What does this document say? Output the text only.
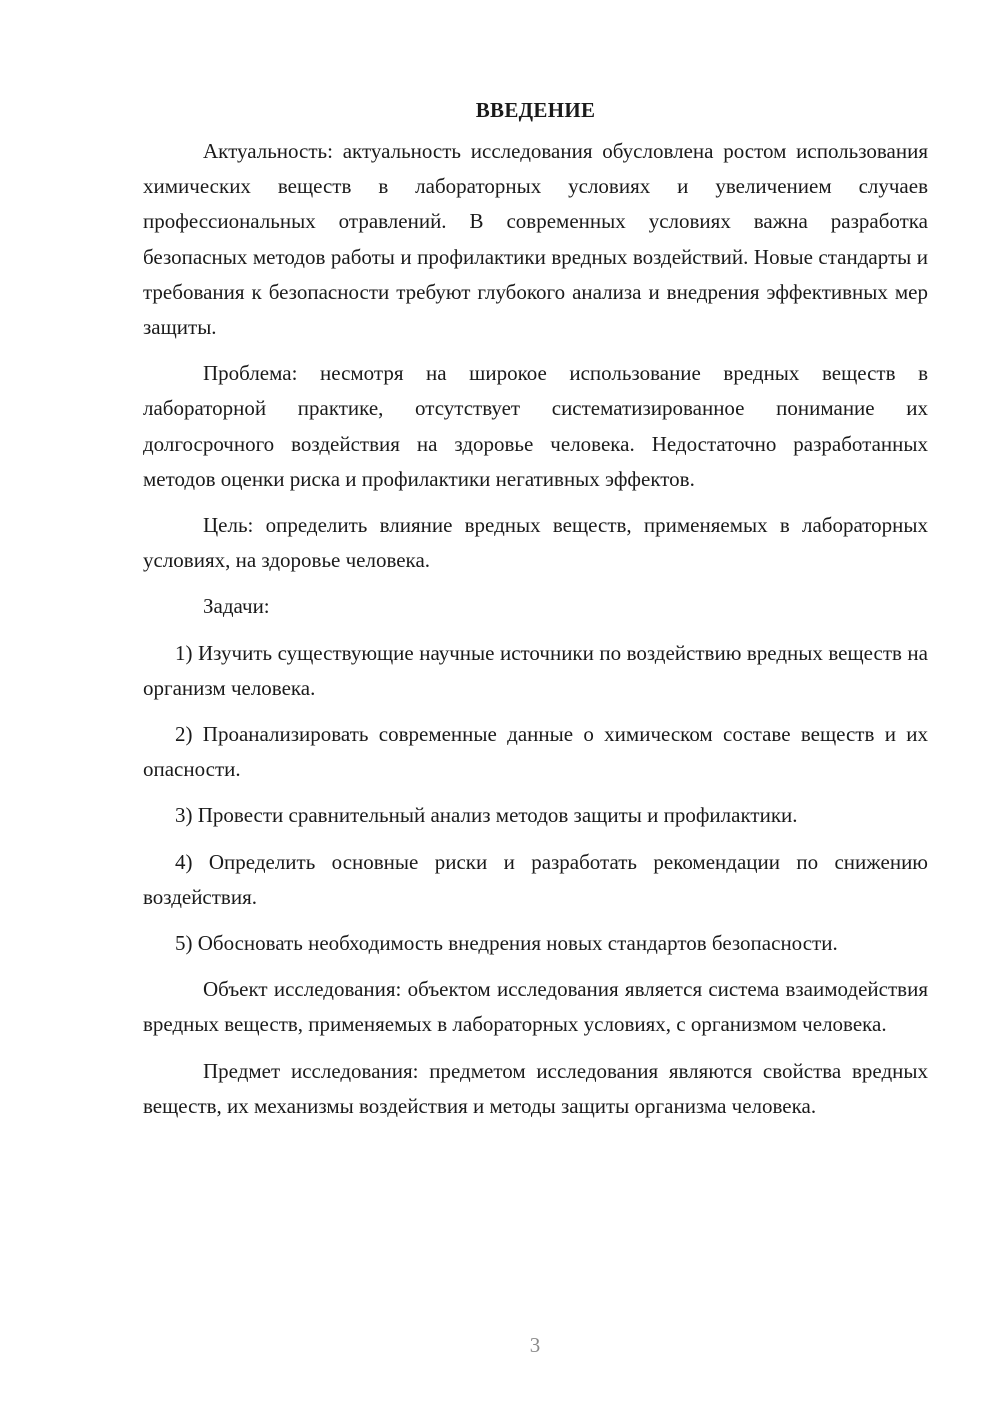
ВВЕДЕНИЕ

Актуальность: актуальность исследования обусловлена ростом использования химических веществ в лабораторных условиях и увеличением случаев профессиональных отравлений. В современных условиях важна разработка безопасных методов работы и профилактики вредных воздействий. Новые стандарты и требования к безопасности требуют глубокого анализа и внедрения эффективных мер защиты.

Проблема: несмотря на широкое использование вредных веществ в лабораторной практике, отсутствует систематизированное понимание их долгосрочного воздействия на здоровье человека. Недостаточно разработанных методов оценки риска и профилактики негативных эффектов.

Цель: определить влияние вредных веществ, применяемых в лабораторных условиях, на здоровье человека.

Задачи:

1) Изучить существующие научные источники по воздействию вредных веществ на организм человека.

2) Проанализировать современные данные о химическом составе веществ и их опасности.

3) Провести сравнительный анализ методов защиты и профилактики.

4) Определить основные риски и разработать рекомендации по снижению воздействия.

5) Обосновать необходимость внедрения новых стандартов безопасности.

Объект исследования: объектом исследования является система взаимодействия вредных веществ, применяемых в лабораторных условиях, с организмом человека.

Предмет исследования: предметом исследования являются свойства вредных веществ, их механизмы воздействия и методы защиты организма человека.

3
